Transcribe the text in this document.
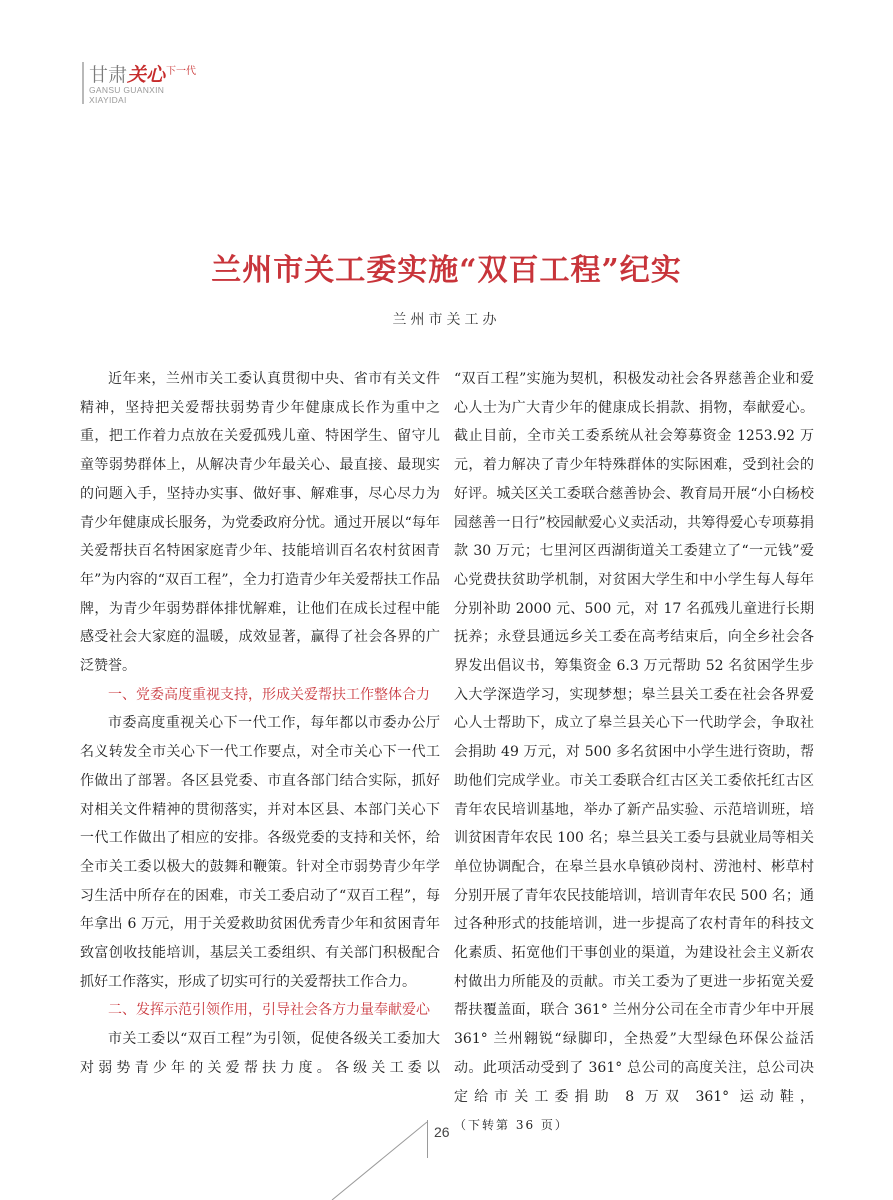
甘肃关心$^{下一代}$
GANSU GUANXIN
XIAYIDAI
兰州市关工委实施“双百工程”纪实
兰州市关工办

近年来，兰州市关工委认真贯彻中央、省市有关文件精神，坚持把关爱帮扶弱势青少年健康成长作为重中之重，把工作着力点放在关爱孤残儿童、特困学生、留守儿童等弱势群体上，从解决青少年最关心、最直接、最现实的问题入手，坚持办实事、做好事、解难事，尽心尽力为青少年健康成长服务，为党委政府分忧。通过开展以“每年关爱帮扶百名特困家庭青少年、技能培训百名农村贫困青年”为内容的“双百工程”，全力打造青少年关爱帮扶工作品牌，为青少年弱势群体排忧解难，让他们在成长过程中能感受社会大家庭的温暖，成效显著，赢得了社会各界的广泛赞誉。

一、党委高度重视支持，形成关爱帮扶工作整体合力

市委高度重视关心下一代工作，每年都以市委办公厅名义转发全市关心下一代工作要点，对全市关心下一代工作做出了部署。各区县党委、市直各部门结合实际，抓好对相关文件精神的贯彻落实，并对本区县、本部门关心下一代工作做出了相应的安排。各级党委的支持和关怀，给全市关工委以极大的鼓舞和鞭策。针对全市弱势青少年学习生活中所存在的困难，市关工委启动了“双百工程”，每年拿出 6 万元，用于关爱救助贫困优秀青少年和贫困青年致富创收技能培训，基层关工委组织、有关部门积极配合抓好工作落实，形成了切实可行的关爱帮扶工作合力。

二、发挥示范引领作用，引导社会各方力量奉献爱心

市关工委以“双百工程”为引领，促使各级关工委加大对弱势青少年的关爱帮扶力度。各级关工委以

“双百工程”实施为契机，积极发动社会各界慈善企业和爱心人士为广大青少年的健康成长捐款、捐物，奉献爱心。截止目前，全市关工委系统从社会筹募资金 1253.92 万元，着力解决了青少年特殊群体的实际困难，受到社会的好评。城关区关工委联合慈善协会、教育局开展“小白杨校园慈善一日行”校园献爱心义卖活动，共筹得爱心专项募捐款 30 万元；七里河区西湖街道关工委建立了“一元钱”爱心党费扶贫助学机制，对贫困大学生和中小学生每人每年分别补助 2000 元、500 元，对 17 名孤残儿童进行长期抚养；永登县通远乡关工委在高考结束后，向全乡社会各界发出倡议书，筹集资金 6.3 万元帮助 52 名贫困学生步入大学深造学习，实现梦想；皋兰县关工委在社会各界爱心人士帮助下，成立了皋兰县关心下一代助学会，争取社会捐助 49 万元，对 500 多名贫困中小学生进行资助，帮助他们完成学业。市关工委联合红古区关工委依托红古区青年农民培训基地，举办了新产品实验、示范培训班，培训贫困青年农民 100 名；皋兰县关工委与县就业局等相关单位协调配合，在皋兰县水阜镇砂岗村、涝池村、彬草村分别开展了青年农民技能培训，培训青年农民 500 名；通过各种形式的技能培训，进一步提高了农村青年的科技文化素质、拓宽他们干事创业的渠道，为建设社会主义新农村做出力所能及的贡献。市关工委为了更进一步拓宽关爱帮扶覆盖面，联合 361° 兰州分公司在全市青少年中开展 361° 兰州翱锐“绿脚印，全热爱”大型绿色环保公益活动。此项活动受到了 361° 总公司的高度关注，总公司决定给市关工委捐助 8 万双 361° 运动鞋，（下转第 36 页）

26
